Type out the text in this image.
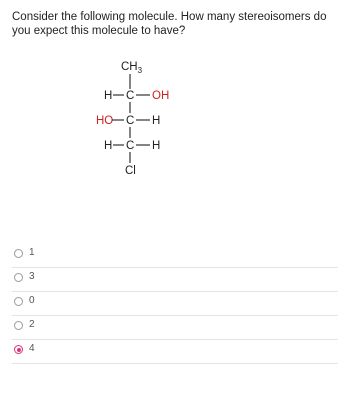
Consider the following molecule. How many stereoisomers do you expect this molecule to have?
$CH_3$
H C OH
HO C H
H C H
Cl
1
3
0
2
4
